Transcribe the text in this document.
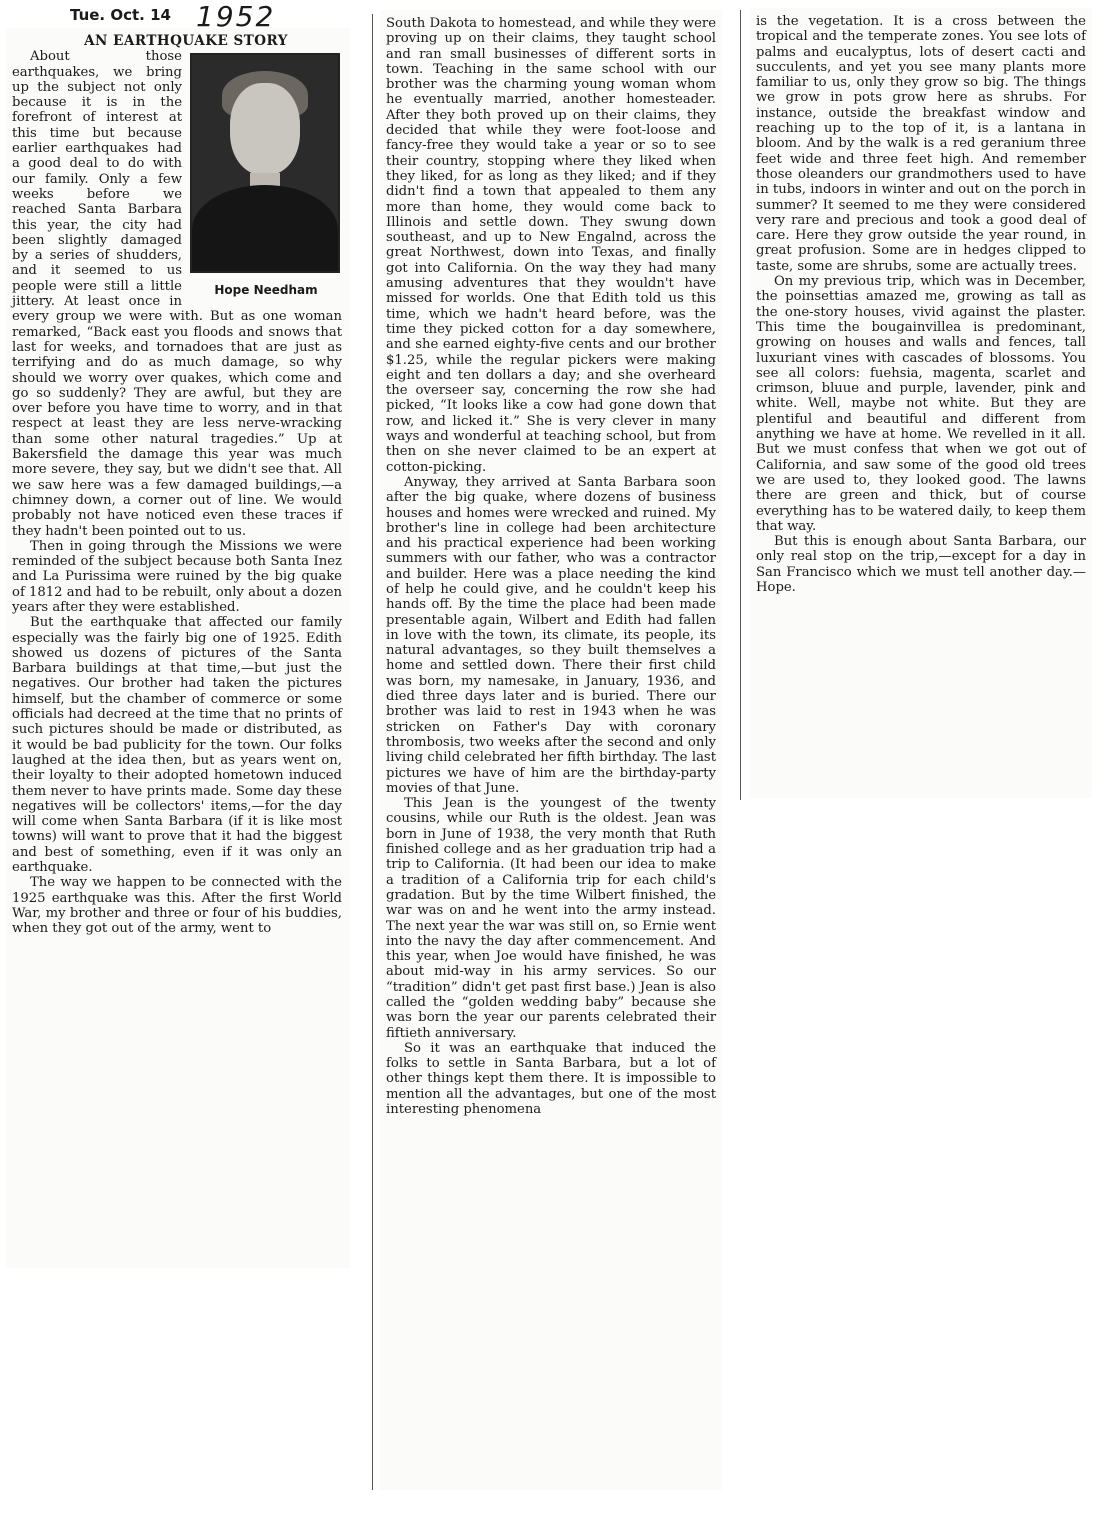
Tue. Oct. 14 1952

AN EARTHQUAKE STORY

Hope Needham

About those earthquakes, we bring up the subject not only because it is in the forefront of interest at this time but because earlier earthquakes had a good deal to do with our family. Only a few weeks before we reached Santa Barbara this year, the city had been slightly damaged by a series of shudders, and it seemed to us people were still a little jittery. At least once in every group we were with. But as one woman remarked, “Back east you floods and snows that last for weeks, and tornadoes that are just as terrifying and do as much damage, so why should we worry over quakes, which come and go so suddenly? They are awful, but they are over before you have time to worry, and in that respect at least they are less nerve-wracking than some other natural tragedies.” Up at Bakersfield the damage this year was much more severe, they say, but we didn't see that. All we saw here was a few damaged buildings,—a chimney down, a corner out of line. We would probably not have noticed even these traces if they hadn't been pointed out to us.

Then in going through the Missions we were reminded of the subject because both Santa Inez and La Purissima were ruined by the big quake of 1812 and had to be rebuilt, only about a dozen years after they were established.

But the earthquake that affected our family especially was the fairly big one of 1925. Edith showed us dozens of pictures of the Santa Barbara buildings at that time,—but just the negatives. Our brother had taken the pictures himself, but the chamber of commerce or some officials had decreed at the time that no prints of such pictures should be made or distributed, as it would be bad publicity for the town. Our folks laughed at the idea then, but as years went on, their loyalty to their adopted hometown induced them never to have prints made. Some day these negatives will be collectors' items,—for the day will come when Santa Barbara (if it is like most towns) will want to prove that it had the biggest and best of something, even if it was only an earthquake.

The way we happen to be connected with the 1925 earthquake was this. After the first World War, my brother and three or four of his buddies, when they got out of the army, went to

South Dakota to homestead, and while they were proving up on their claims, they taught school and ran small businesses of different sorts in town. Teaching in the same school with our brother was the charming young woman whom he eventually married, another homesteader. After they both proved up on their claims, they decided that while they were foot-loose and fancy-free they would take a year or so to see their country, stopping where they liked when they liked, for as long as they liked; and if they didn't find a town that appealed to them any more than home, they would come back to Illinois and settle down. They swung down southeast, and up to New Engalnd, across the great Northwest, down into Texas, and finally got into California. On the way they had many amusing adventures that they wouldn't have missed for worlds. One that Edith told us this time, which we hadn't heard before, was the time they picked cotton for a day somewhere, and she earned eighty-five cents and our brother $1.25, while the regular pickers were making eight and ten dollars a day; and she overheard the overseer say, concerning the row she had picked, “It looks like a cow had gone down that row, and licked it.” She is very clever in many ways and wonderful at teaching school, but from then on she never claimed to be an expert at cotton-picking.

Anyway, they arrived at Santa Barbara soon after the big quake, where dozens of business houses and homes were wrecked and ruined. My brother's line in college had been architecture and his practical experience had been working summers with our father, who was a contractor and builder. Here was a place needing the kind of help he could give, and he couldn't keep his hands off. By the time the place had been made presentable again, Wilbert and Edith had fallen in love with the town, its climate, its people, its natural advantages, so they built themselves a home and settled down. There their first child was born, my namesake, in January, 1936, and died three days later and is buried. There our brother was laid to rest in 1943 when he was stricken on Father's Day with coronary thrombosis, two weeks after the second and only living child celebrated her fifth birthday. The last pictures we have of him are the birthday-party movies of that June.

This Jean is the youngest of the twenty cousins, while our Ruth is the oldest. Jean was born in June of 1938, the very month that Ruth finished college and as her graduation trip had a trip to California. (It had been our idea to make a tradition of a California trip for each child's gradation. But by the time Wilbert finished, the war was on and he went into the army instead. The next year the war was still on, so Ernie went into the navy the day after commencement. And this year, when Joe would have finished, he was about mid-way in his army services. So our “tradition” didn't get past first base.) Jean is also called the “golden wedding baby” because she was born the year our parents celebrated their fiftieth anniversary.

So it was an earthquake that induced the folks to settle in Santa Barbara, but a lot of other things kept them there. It is impossible to mention all the advantages, but one of the most interesting phenomena

is the vegetation. It is a cross between the tropical and the temperate zones. You see lots of palms and eucalyptus, lots of desert cacti and succulents, and yet you see many plants more familiar to us, only they grow so big. The things we grow in pots grow here as shrubs. For instance, outside the breakfast window and reaching up to the top of it, is a lantana in bloom. And by the walk is a red geranium three feet wide and three feet high. And remember those oleanders our grandmothers used to have in tubs, indoors in winter and out on the porch in summer? It seemed to me they were considered very rare and precious and took a good deal of care. Here they grow outside the year round, in great profusion. Some are in hedges clipped to taste, some are shrubs, some are actually trees.

On my previous trip, which was in December, the poinsettias amazed me, growing as tall as the one-story houses, vivid against the plaster. This time the bougainvillea is predominant, growing on houses and walls and fences, tall luxuriant vines with cascades of blossoms. You see all colors: fuehsia, magenta, scarlet and crimson, bluue and purple, lavender, pink and white. Well, maybe not white. But they are plentiful and beautiful and different from anything we have at home. We revelled in it all. But we must confess that when we got out of California, and saw some of the good old trees we are used to, they looked good. The lawns there are green and thick, but of course everything has to be watered daily, to keep them that way.

But this is enough about Santa Barbara, our only real stop on the trip,—except for a day in San Francisco which we must tell another day.—Hope.
